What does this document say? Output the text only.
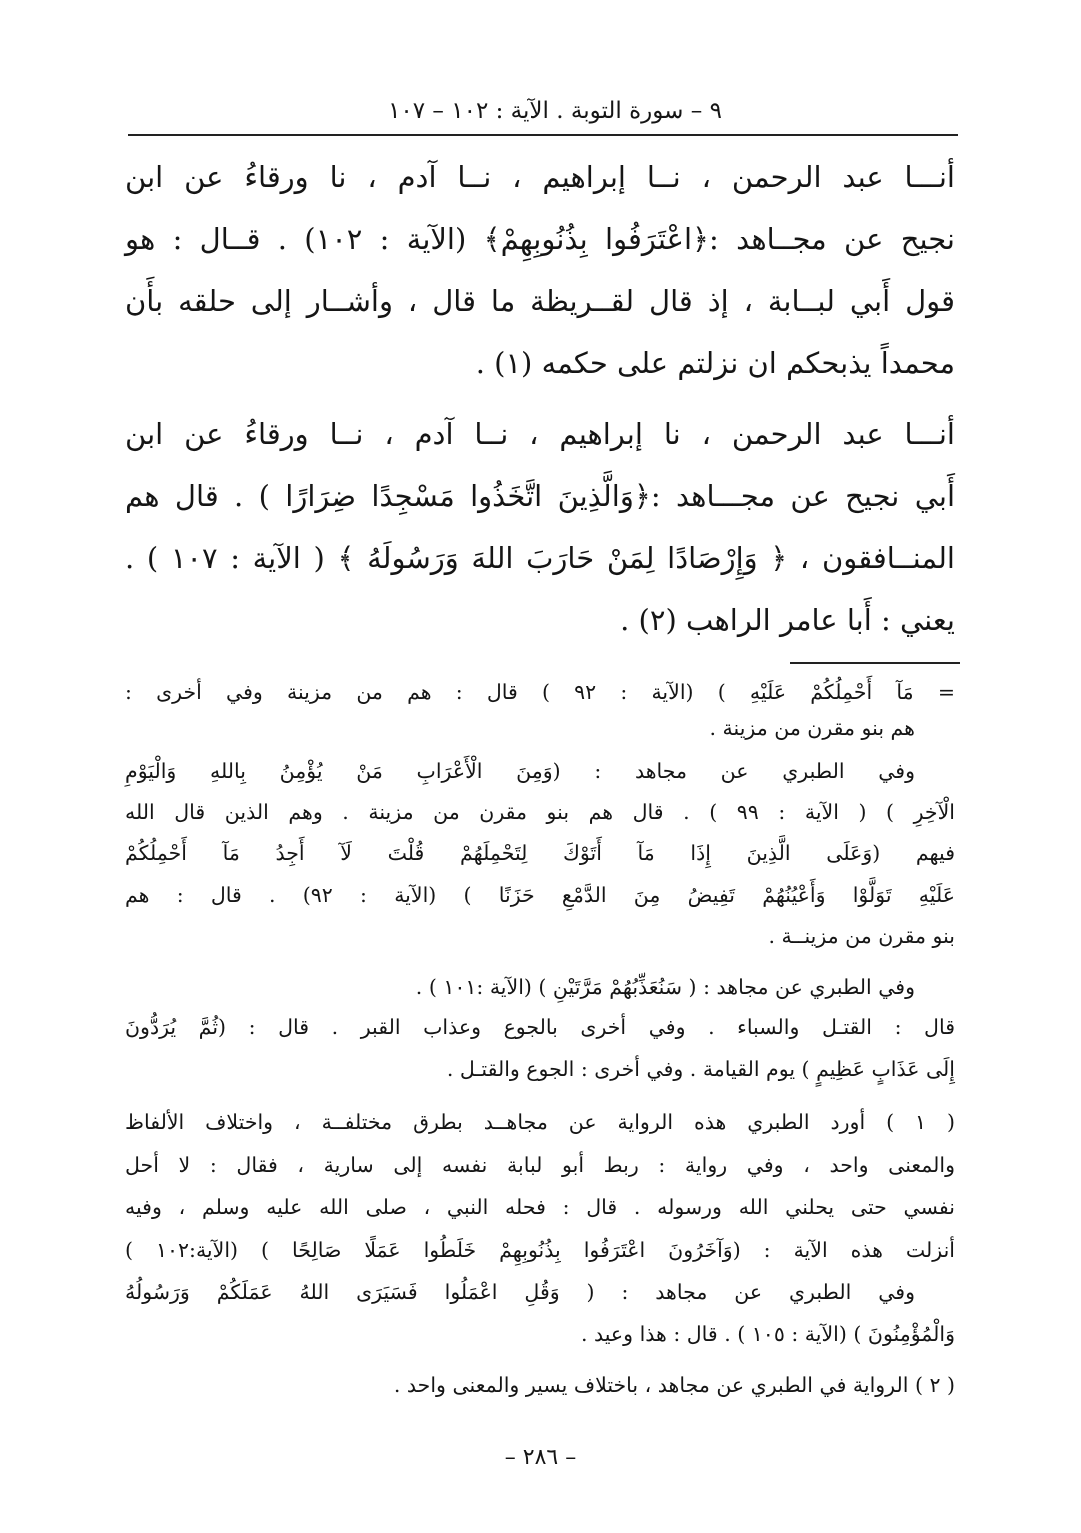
٩ – سورة التوبة . الآية : ١٠٢ – ١٠٧
أنـــا عبد الرحمن ، نــا إبراهيم ، نــا آدم ، نا ورقاءُ عن ابن
نجيح عن مجــاهد :﴿اعْتَرَفُوا بِذُنُوبِهِمْ﴾ (الآية : ١٠٢) . قــال : هو
قول أَبي لبــابة ، إذ قال لقــريظة ما قال ، وأشــار إلى حلقه بأَن
محمداً يذبحكم ان نزلتم على حكمه (١) .
أنـــا عبد الرحمن ، نا إبراهيم ، نــا آدم ، نــا ورقاءُ عن ابن
أَبي نجيح عن مجـــاهد :﴿وَالَّذِينَ اتَّخَذُوا مَسْجِدًا ضِرَارًا ) . قال هم
المنــافقون ، ﴿ وَإِرْصَادًا لِمَنْ حَارَبَ اللهَ وَرَسُولَهُ ﴾ ( الآية : ١٠٧ ) .
يعني : أَبا عامر الراهب (٢) .
= مَآ أَحْمِلُكُمْ عَلَيْهِ ) (الآية : ٩٢ ) قال : هم من مزينة وفي أخرى :
هم بنو مقرن من مزينة .
وفي الطبري عن مجاهد : (وَمِنَ الْأَعْرَابِ مَنْ يُؤْمِنُ بِاللهِ وَالْيَوْمِ
الْآخِرِ ) ( الآية : ٩٩ ) . قال هم بنو مقرن من مزينة . وهم الذين قال الله
فيهم (وَعَلَى الَّذِينَ إِذَا مَآ أَتَوْكَ لِتَحْمِلَهُمْ قُلْتَ لَآ أَجِدُ مَآ أَحْمِلُكُمْ
عَلَيْهِ تَوَلَّوْا وَأَعْيُنُهُمْ تَفِيضُ مِنَ الدَّمْعِ حَزَنًا ) (الآية : ٩٢) . قال : هم
بنو مقرن من مزينــة .
وفي الطبري عن مجاهد : ( سَنُعَذِّبُهُمْ مَرَّتَيْنِ ) (الآية :١٠١ ) .
قال : القتـل والسباء . وفي أخرى بالجوع وعذاب القبر . قال : (ثُمَّ يُرَدُّونَ
إِلَى عَذَابٍ عَظِيمٍ ) يوم القيامة . وفي أخرى : الجوع والقتـل .
( ١ ) أورد الطبري هذه الرواية عن مجاهــد بطرق مختلفــة ، واختلاف الألفاظ
والمعنى واحد ، وفي رواية : ربط أبو لبابة نفسه إلى سارية ، فقال : لا أحل
نفسي حتى يحلني الله ورسوله . قال : فحله النبي ، صلى الله عليه وسلم ، وفيه
أنزلت هذه الآية : (وَآخَرُونَ اعْتَرَفُوا بِذُنُوبِهِمْ خَلَطُوا عَمَلًا صَالِحًا ) (الآية:١٠٢ )
وفي الطبري عن مجاهد : ( وَقُلِ اعْمَلُوا فَسَيَرَى اللهُ عَمَلَكُمْ وَرَسُولُهُ
وَالْمُؤْمِنُونَ ) (الآية : ١٠٥ ) . قال : هذا وعيد .
( ٢ ) الرواية في الطبري عن مجاهد ، باختلاف يسير والمعنى واحد .
– ٢٨٦ –
